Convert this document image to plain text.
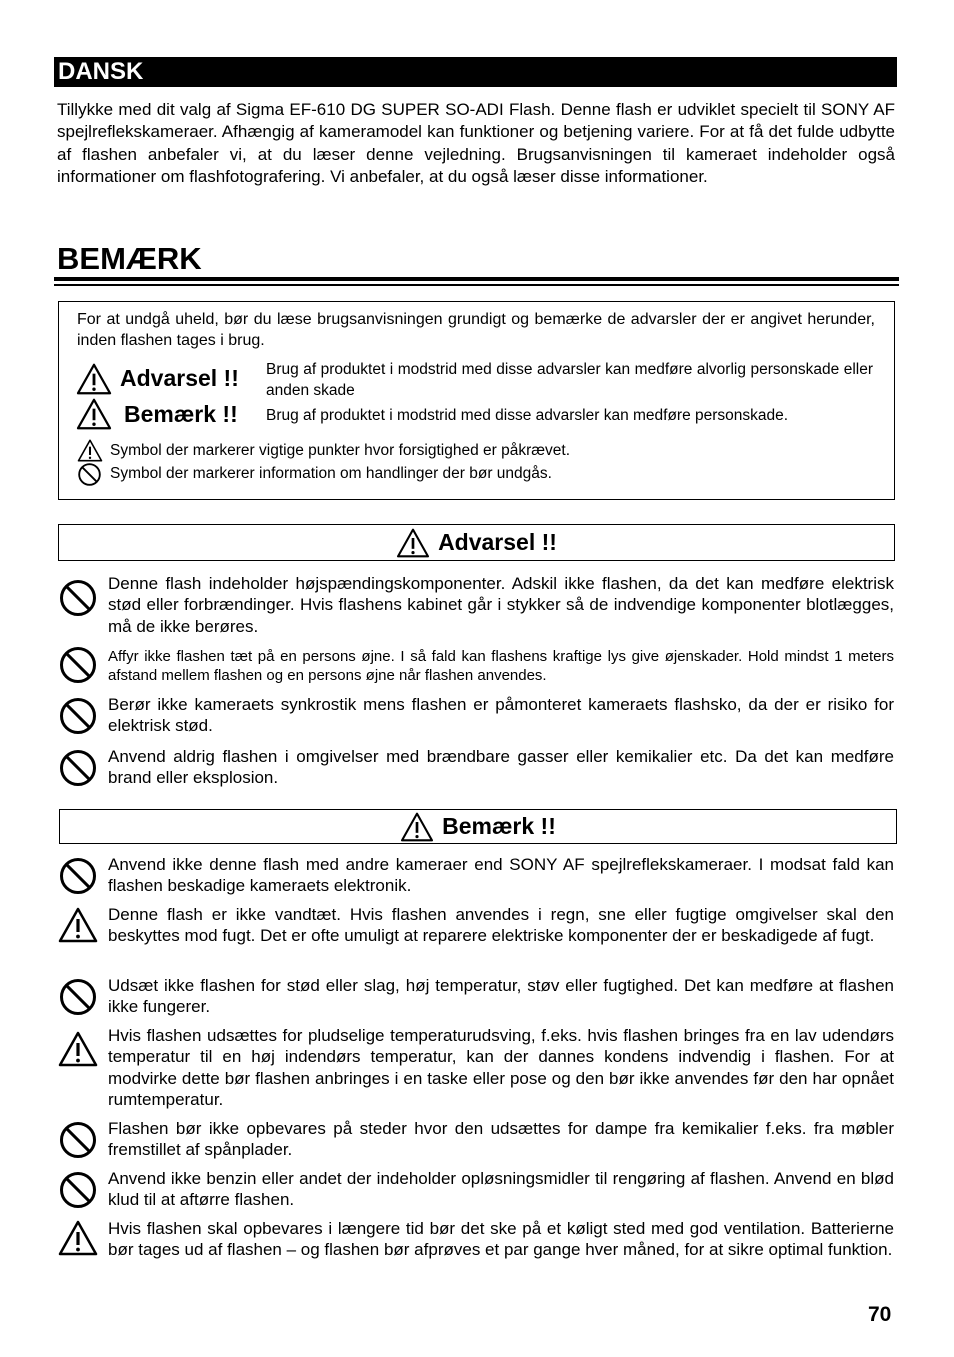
DANSK
Tillykke med dit valg af Sigma EF-610 DG SUPER SO-ADI Flash. Denne flash er udviklet specielt til SONY AF spejlreflekskameraer. Afhængig af kameramodel kan funktioner og betjening variere. For at få det fulde udbytte af flashen anbefaler vi, at du læser denne vejledning. Brugsanvisningen til kameraet indeholder også informationer om flashfotografering. Vi anbefaler, at du også læser disse informationer.
BEMÆRK
For at undgå uheld, bør du læse brugsanvisningen grundigt og bemærke de advarsler der er angivet herunder, inden flashen tages i brug.
Advarsel !! Brug af produktet i modstrid med disse advarsler kan medføre alvorlig personskade eller anden skade
Bemærk !! Brug af produktet i modstrid med disse advarsler kan medføre personskade.
Symbol der markerer vigtige punkter hvor forsigtighed er påkrævet.
Symbol der markerer information om handlinger der bør undgås.
Advarsel !!
Denne flash indeholder højspændingskomponenter. Adskil ikke flashen, da det kan medføre elektrisk stød eller forbrændinger. Hvis flashens kabinet går i stykker så de indvendige komponenter blotlægges, må de ikke berøres.
Affyr ikke flashen tæt på en persons øjne. I så fald kan flashens kraftige lys give øjenskader. Hold mindst 1 meters afstand mellem flashen og en persons øjne når flashen anvendes.
Berør ikke kameraets synkrostik mens flashen er påmonteret kameraets flashsko, da der er risiko for elektrisk stød.
Anvend aldrig flashen i omgivelser med brændbare gasser eller kemikalier etc. Da det kan medføre brand eller eksplosion.
Bemærk !!
Anvend ikke denne flash med andre kameraer end SONY AF spejlreflekskameraer. I modsat fald kan flashen beskadige kameraets elektronik.
Denne flash er ikke vandtæt. Hvis flashen anvendes i regn, sne eller fugtige omgivelser skal den beskyttes mod fugt. Det er ofte umuligt at reparere elektriske komponenter der er beskadigede af fugt.
Udsæt ikke flashen for stød eller slag, høj temperatur, støv eller fugtighed. Det kan medføre at flashen ikke fungerer.
Hvis flashen udsættes for pludselige temperaturudsving, f.eks. hvis flashen bringes fra en lav udendørs temperatur til en høj indendørs temperatur, kan der dannes kondens indvendig i flashen. For at modvirke dette bør flashen anbringes i en taske eller pose og den bør ikke anvendes før den har opnået rumtemperatur.
Flashen bør ikke opbevares på steder hvor den udsættes for dampe fra kemikalier f.eks. fra møbler fremstillet af spånplader.
Anvend ikke benzin eller andet der indeholder opløsningsmidler til rengøring af flashen. Anvend en blød klud til at aftørre flashen.
Hvis flashen skal opbevares i længere tid bør det ske på et køligt sted med god ventilation. Batterierne bør tages ud af flashen – og flashen bør afprøves et par gange hver måned, for at sikre optimal funktion.
70
